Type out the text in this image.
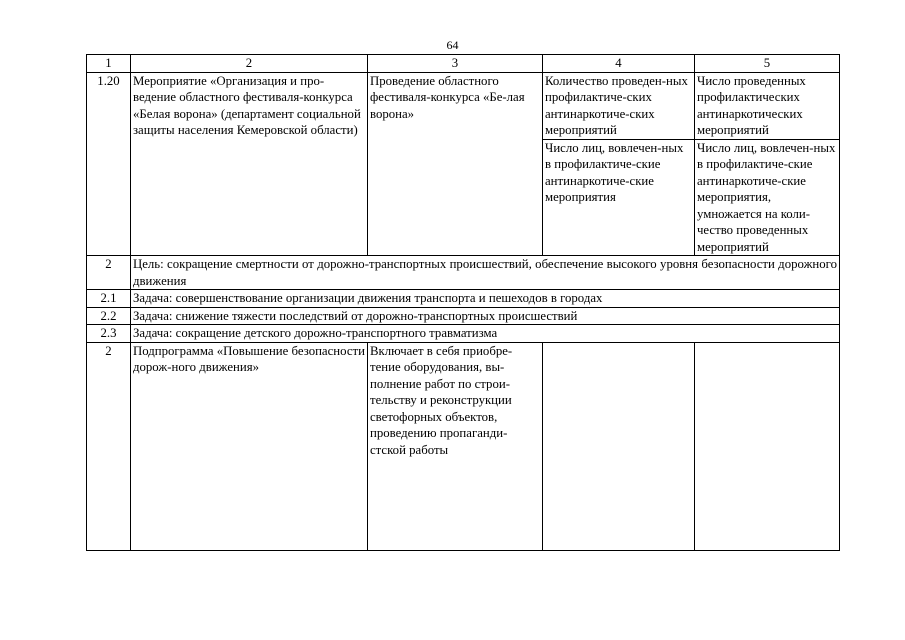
64
1	2	3	4	5
1.20	Мероприятие «Организация и про-ведение областного фестиваля-конкурса «Белая ворона» (департамент социальной защиты населения Кемеровской области)	Проведение областного фестиваля-конкурса «Бе-лая ворона»	Количество проведен-ных профилактиче-ских антинаркотиче-ских мероприятий	Число проведенных профилактических антинаркотических мероприятий
			Число лиц, вовлечен-ных в профилактиче-ские антинаркотиче-ские мероприятия	Число лиц, вовлечен-ных в профилактиче-ские антинаркотиче-ские мероприятия, умножается на коли-чество проведенных мероприятий
2	Цель: сокращение смертности от дорожно-транспортных происшествий, обеспечение высокого уровня безопасности дорожного движения			
2.1	Задача: совершенствование организации движения транспорта и пешеходов в городах			
2.2	Задача: снижение тяжести последствий от дорожно-транспортных происшествий			
2.3	Задача: сокращение детского дорожно-транспортного травматизма			
2	Подпрограмма «Повышение безопасности дорож-ного движения»	Включает в себя приобре-тение оборудования, вы-полнение работ по строи-тельству и реконструкции светофорных объектов, проведению пропаганди-стской работы		
